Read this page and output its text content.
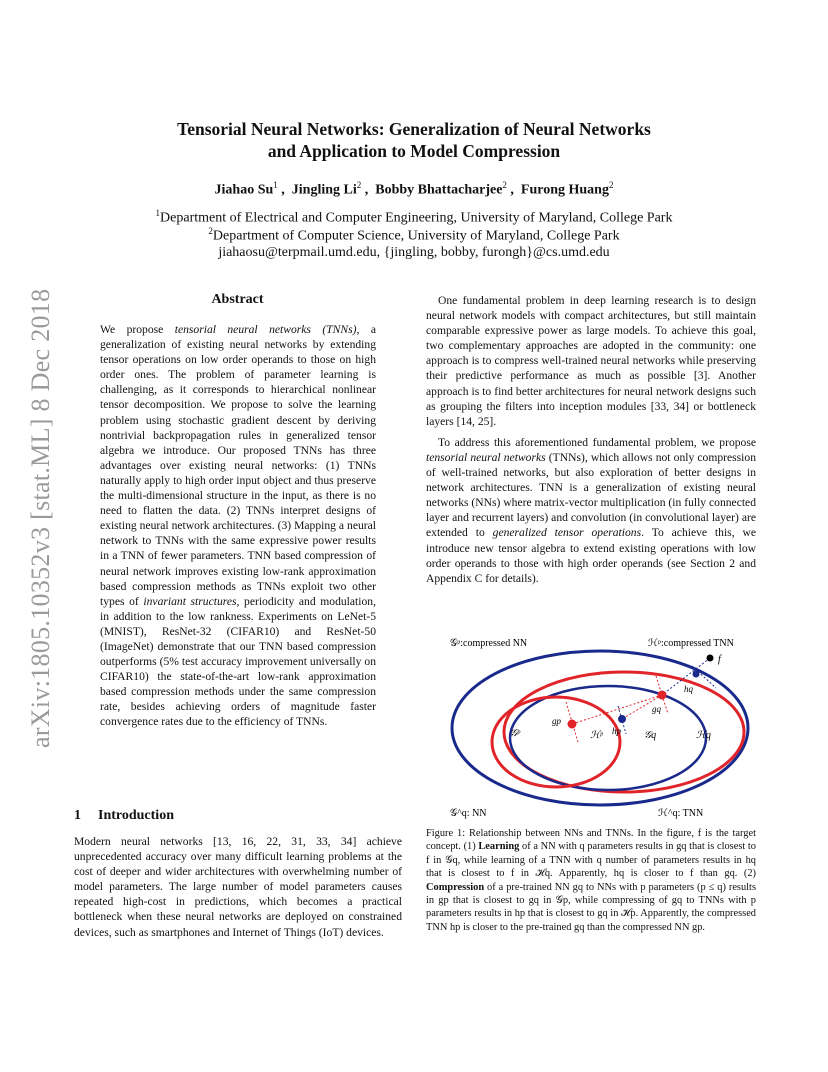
arXiv:1805.10352v3 [stat.ML] 8 Dec 2018
Tensorial Neural Networks: Generalization of Neural Networks
and Application to Model Compression
Jiahao Su$^1$ ,  Jingling Li$^2$ ,  Bobby Bhattacharjee$^2$ ,  Furong Huang$^2$
$^1$Department of Electrical and Computer Engineering, University of Maryland, College Park
$^2$Department of Computer Science, University of Maryland, College Park
jiahaosu@terpmail.umd.edu, {jingling, bobby, furongh}@cs.umd.edu
Abstract
We propose tensorial neural networks (TNNs), a generalization of existing neural networks by extending tensor operations on low order operands to those on high order ones. The problem of parameter learning is challenging, as it corresponds to hierarchical nonlinear tensor decomposition. We propose to solve the learning problem using stochastic gradient descent by deriving nontrivial backpropagation rules in generalized tensor algebra we introduce. Our proposed TNNs has three advantages over existing neural networks: (1) TNNs naturally apply to high order input object and thus preserve the multi-dimensional structure in the input, as there is no need to flatten the data. (2) TNNs interpret designs of existing neural network architectures. (3) Mapping a neural network to TNNs with the same expressive power results in a TNN of fewer parameters. TNN based compression of neural network improves existing low-rank approximation based compression methods as TNNs exploit two other types of invariant structures, periodicity and modulation, in addition to the low rankness. Experiments on LeNet-5 (MNIST), ResNet-32 (CIFAR10) and ResNet-50 (ImageNet) demonstrate that our TNN based compression outperforms (5% test accuracy improvement universally on CIFAR10) the state-of-the-art low-rank approximation based compression methods under the same compression rate, besides achieving orders of magnitude faster convergence rates due to the efficiency of TNNs.
1 Introduction

Modern neural networks [13, 16, 22, 31, 33, 34] achieve unprecedented accuracy over many difficult learning problems at the cost of deeper and wider architectures with overwhelming number of model parameters. The large number of model parameters causes repeated high-cost in predictions, which becomes a practical bottleneck when these neural networks are deployed on constrained devices, such as smartphones and Internet of Things (IoT) devices.

One fundamental problem in deep learning research is to design neural network models with compact architectures, but still maintain comparable expressive power as large models. To achieve this goal, two complementary approaches are adopted in the community: one approach is to compress well-trained neural networks while preserving their predictive performance as much as possible [3]. Another approach is to find better architectures for neural network designs such as grouping the filters into inception modules [33, 34] or bottleneck layers [14, 25].

To address this aforementioned fundamental problem, we propose tensorial neural networks (TNNs), which allows not only compression of well-trained networks, but also exploration of better designs in network architectures. TNN is a generalization of existing neural networks (NNs) where matrix-vector multiplication (in fully connected layer and recurrent layers) and convolution (in convolutional layer) are extended to generalized tensor operations. To achieve this, we introduce new tensor algebra to extend existing operations with low order operands to those with high order operands (see Section 2 and Appendix C for details).

𝒢ᵖ:compressed NN	ℋᵖ:compressed TNN
f
hq
gq
hp
gp
𝒢ᵖ	ℋᵖ	𝒢q	ℋq
𝒢^q: NN	ℋ^q: TNN
Figure 1: Relationship between NNs and TNNs. In the figure, f is the target concept. (1) Learning of a NN with q parameters results in gq that is closest to f in 𝒢q, while learning of a TNN with q number of parameters results in hq that is closest to f in ℋq. Apparently, hq is closer to f than gq. (2) Compression of a pre-trained NN gq to NNs with p parameters (p ≤ q) results in gp that is closest to gq in 𝒢p, while compressing of gq to TNNs with p parameters results in hp that is closest to gq in ℋp. Apparently, the compressed TNN hp is closer to the pre-trained gq than the compressed NN gp.
